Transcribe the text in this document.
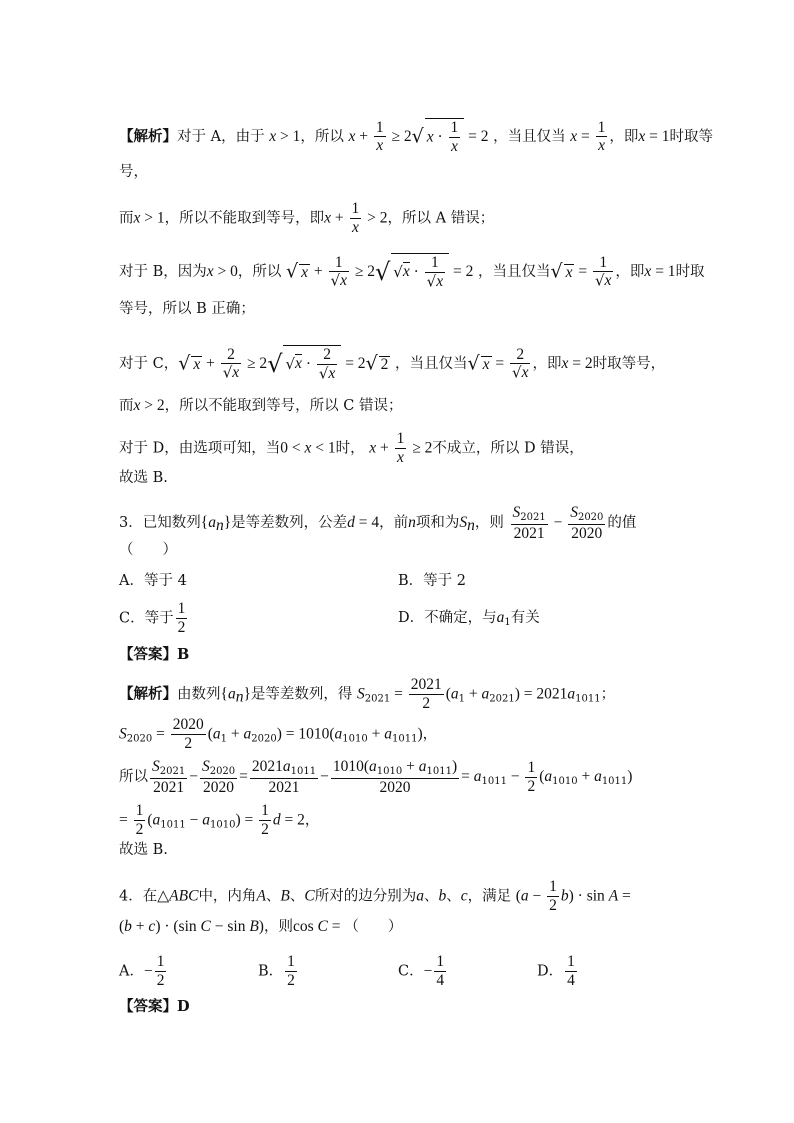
【解析】对于 A，由于 x > 1，所以 $x + \frac{1}{x} \ge 2√$ $x \cdot \frac{1}{x} = 2$ ，当且仅当 $x = \frac{1}{x}$ ，即x = 1时取等
号，
而x > 1，所以不能取到等号，即$x + \frac{1}{x} > 2$，所以 A 错误；
对于 B，因为x > 0，所以 √ $x + \frac{1}{√x} \ge 2√$ $√x \cdot \frac{1}{√x} = 2$ ，当且仅当√ $x = \frac{1}{√x}$ ，即x = 1时取
等号，所以 B 正确；
对于 C，√ $x + \frac{2}{√x} \ge 2√$ $√x \cdot \frac{2}{√x} = 2√$ 2 ，当且仅当√ $x = \frac{2}{√x}$ ，即x = 2时取等号，
而x > 2，所以不能取到等号，所以 C 错误；
对于 D，由选项可知，当0 < x < 1时， $x + \frac{1}{x} \ge 2$不成立，所以 D 错误，
故选 B.
3．已知数列$\{a_n\}$是等差数列，公差d = 4，前n项和为$S_n$，则 $\frac{S_{2021}}{2021} - \frac{S_{2020}}{2020}$ 的值
（　　）
A．等于 4	B．等于 2
C．等于 $\frac{1}{2}$	D．不确定，与$a_1$有关
【答案】B
【解析】由数列$\{a_n\}$是等差数列，得 $S_{2021} = \frac{2021}{2} (a_1 + a_{2021}) = 2021a_{1011}$；
$S_{2020} = \frac{2020}{2} (a_1 + a_{2020}) = 1010(a_{1010} + a_{1011})$，
所以 $\frac{S_{2021}}{2021} - \frac{S_{2020}}{2020} = \frac{2021a_{1011}}{2021} - \frac{1010(a_{1010} + a_{1011})}{2020} = a_{1011} - \frac{1}{2} (a_{1010} + a_{1011})$
= $\frac{1}{2} (a_{1011} - a_{1010}) = \frac{1}{2}$ d = 2，
故选 B.
4．在△ABC中，内角A、B、C所对的边分别为a、b、c，满足 $(a - \frac{1}{2} b) \cdot \sin A$ =
(b + c) · (sin C − sin B)，则cos C = （　　）
A．− $\frac{1}{2}$	B． $\frac{1}{2}$	C．− $\frac{1}{4}$	D． $\frac{1}{4}$
【答案】D
